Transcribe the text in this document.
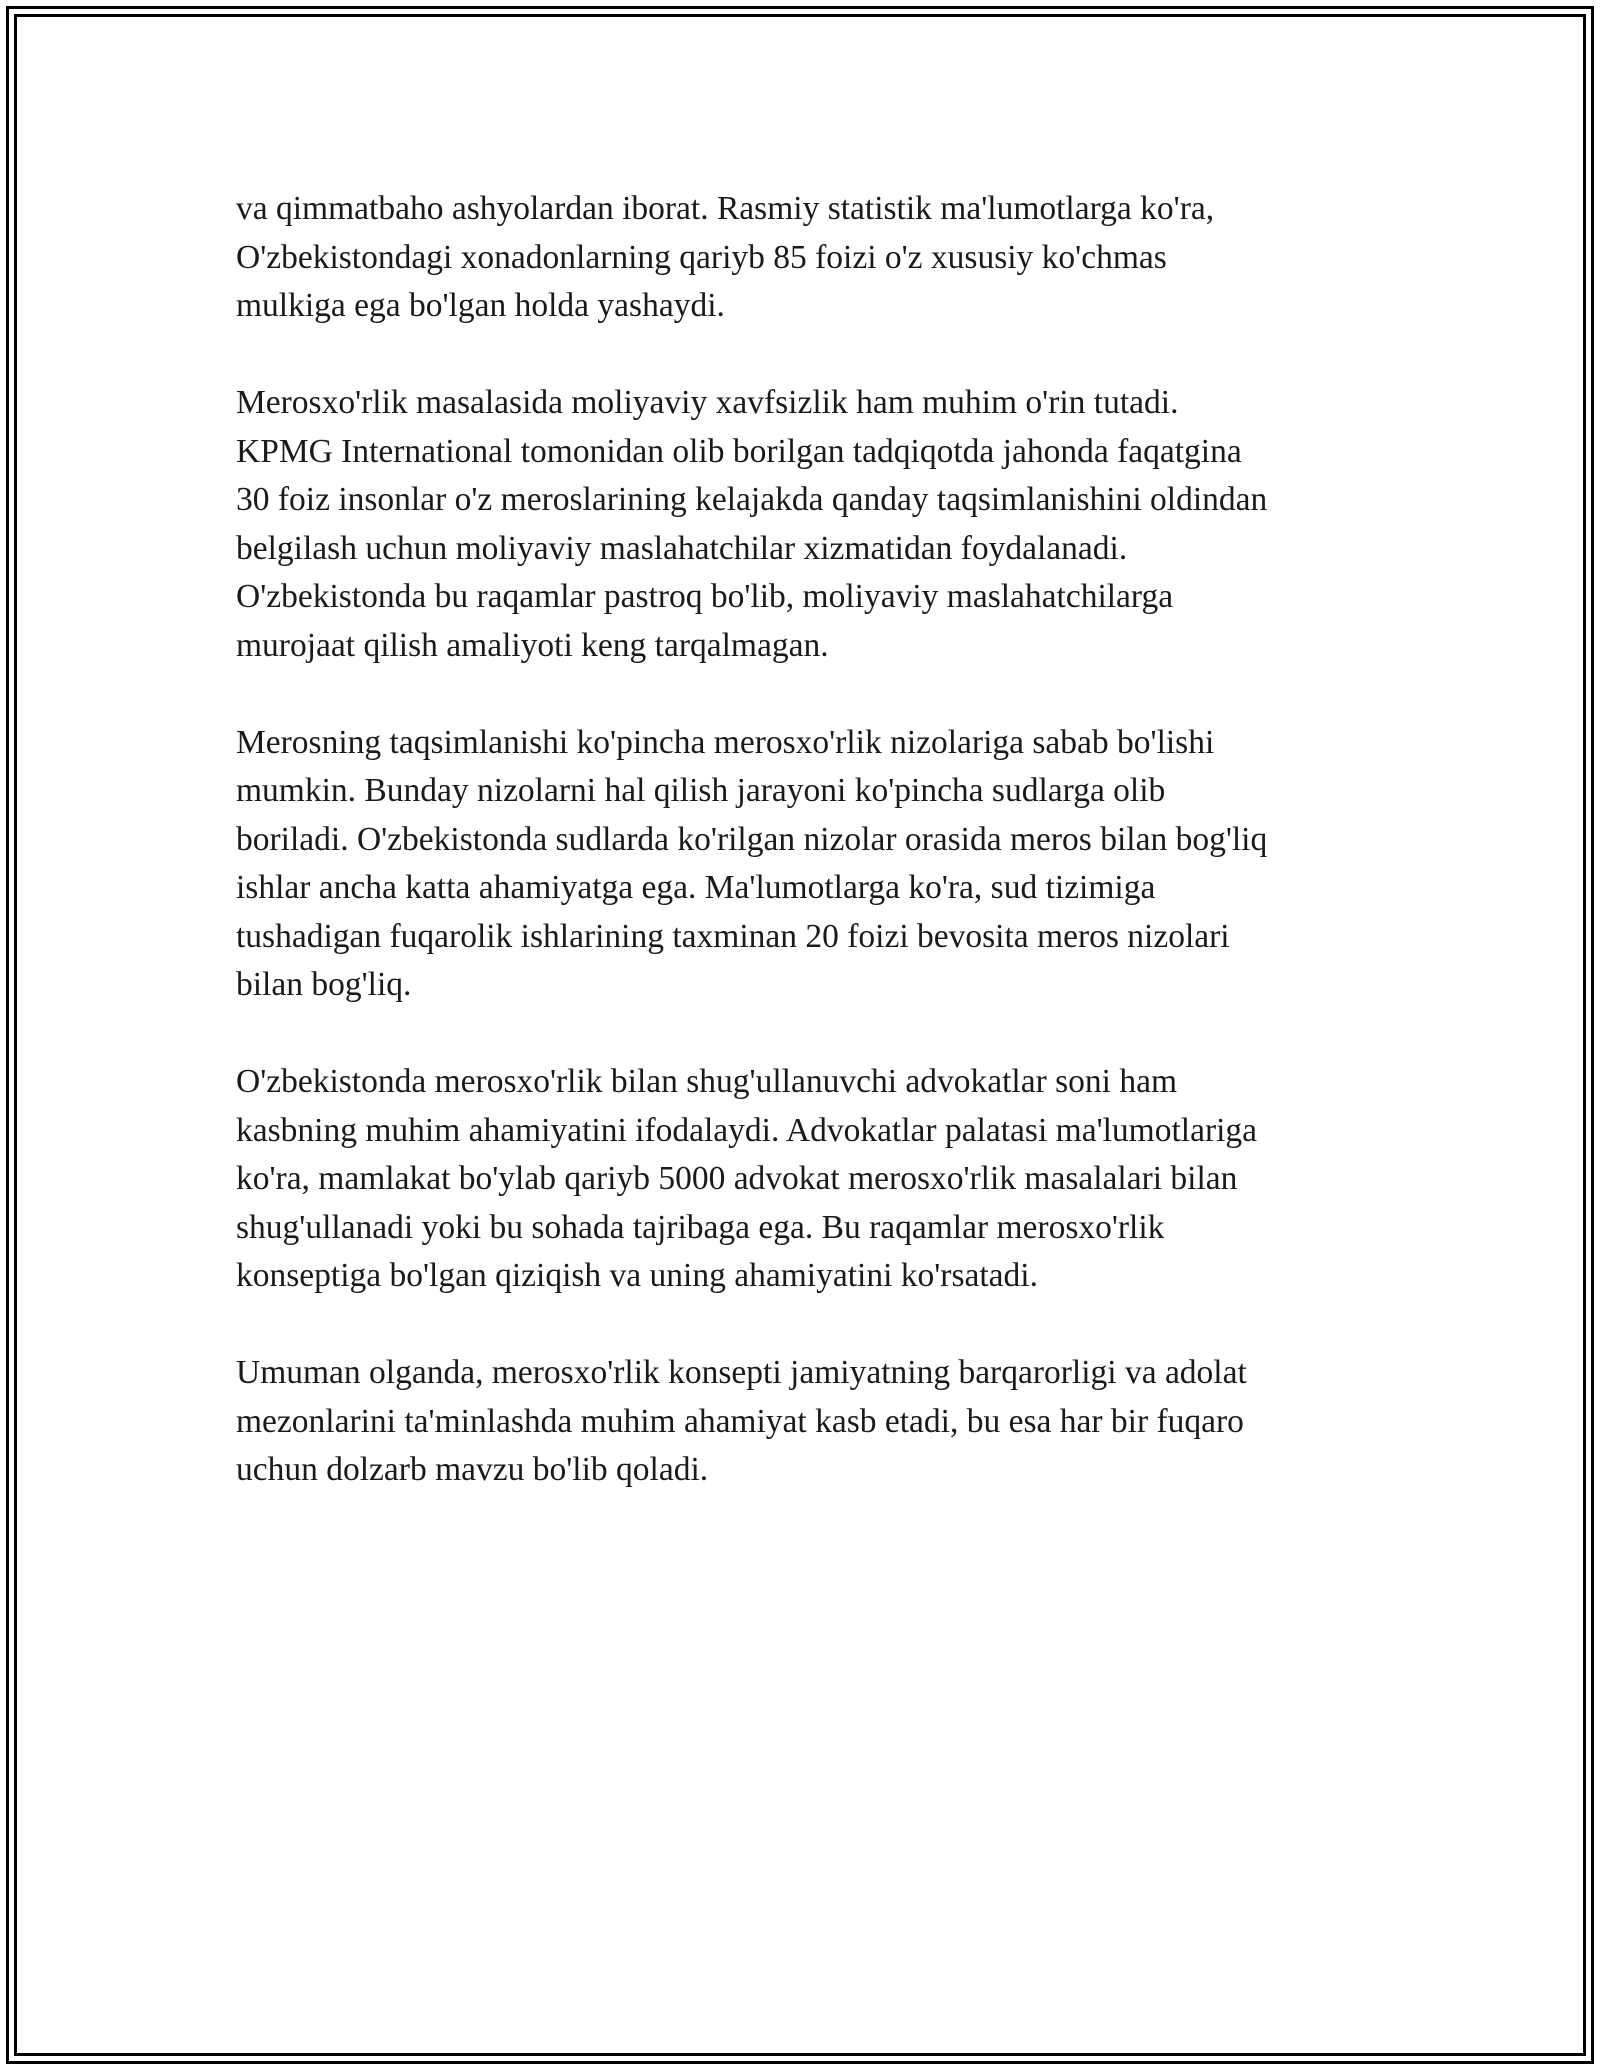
va qimmatbaho ashyolardan iborat. Rasmiy statistik ma'lumotlarga ko'ra,
O'zbekistondagi xonadonlarning qariyb 85 foizi o'z xususiy ko'chmas
mulkiga ega bo'lgan holda yashaydi.

Merosxo'rlik masalasida moliyaviy xavfsizlik ham muhim o'rin tutadi.
KPMG International tomonidan olib borilgan tadqiqotda jahonda faqatgina
30 foiz insonlar o'z meroslarining kelajakda qanday taqsimlanishini oldindan
belgilash uchun moliyaviy maslahatchilar xizmatidan foydalanadi.
O'zbekistonda bu raqamlar pastroq bo'lib, moliyaviy maslahatchilarga
murojaat qilish amaliyoti keng tarqalmagan.

Merosning taqsimlanishi ko'pincha merosxo'rlik nizolariga sabab bo'lishi
mumkin. Bunday nizolarni hal qilish jarayoni ko'pincha sudlarga olib
boriladi. O'zbekistonda sudlarda ko'rilgan nizolar orasida meros bilan bog'liq
ishlar ancha katta ahamiyatga ega. Ma'lumotlarga ko'ra, sud tizimiga
tushadigan fuqarolik ishlarining taxminan 20 foizi bevosita meros nizolari
bilan bog'liq.

O'zbekistonda merosxo'rlik bilan shug'ullanuvchi advokatlar soni ham
kasbning muhim ahamiyatini ifodalaydi. Advokatlar palatasi ma'lumotlariga
ko'ra, mamlakat bo'ylab qariyb 5000 advokat merosxo'rlik masalalari bilan
shug'ullanadi yoki bu sohada tajribaga ega. Bu raqamlar merosxo'rlik
konseptiga bo'lgan qiziqish va uning ahamiyatini ko'rsatadi.

Umuman olganda, merosxo'rlik konsepti jamiyatning barqarorligi va adolat
mezonlarini ta'minlashda muhim ahamiyat kasb etadi, bu esa har bir fuqaro
uchun dolzarb mavzu bo'lib qoladi.
